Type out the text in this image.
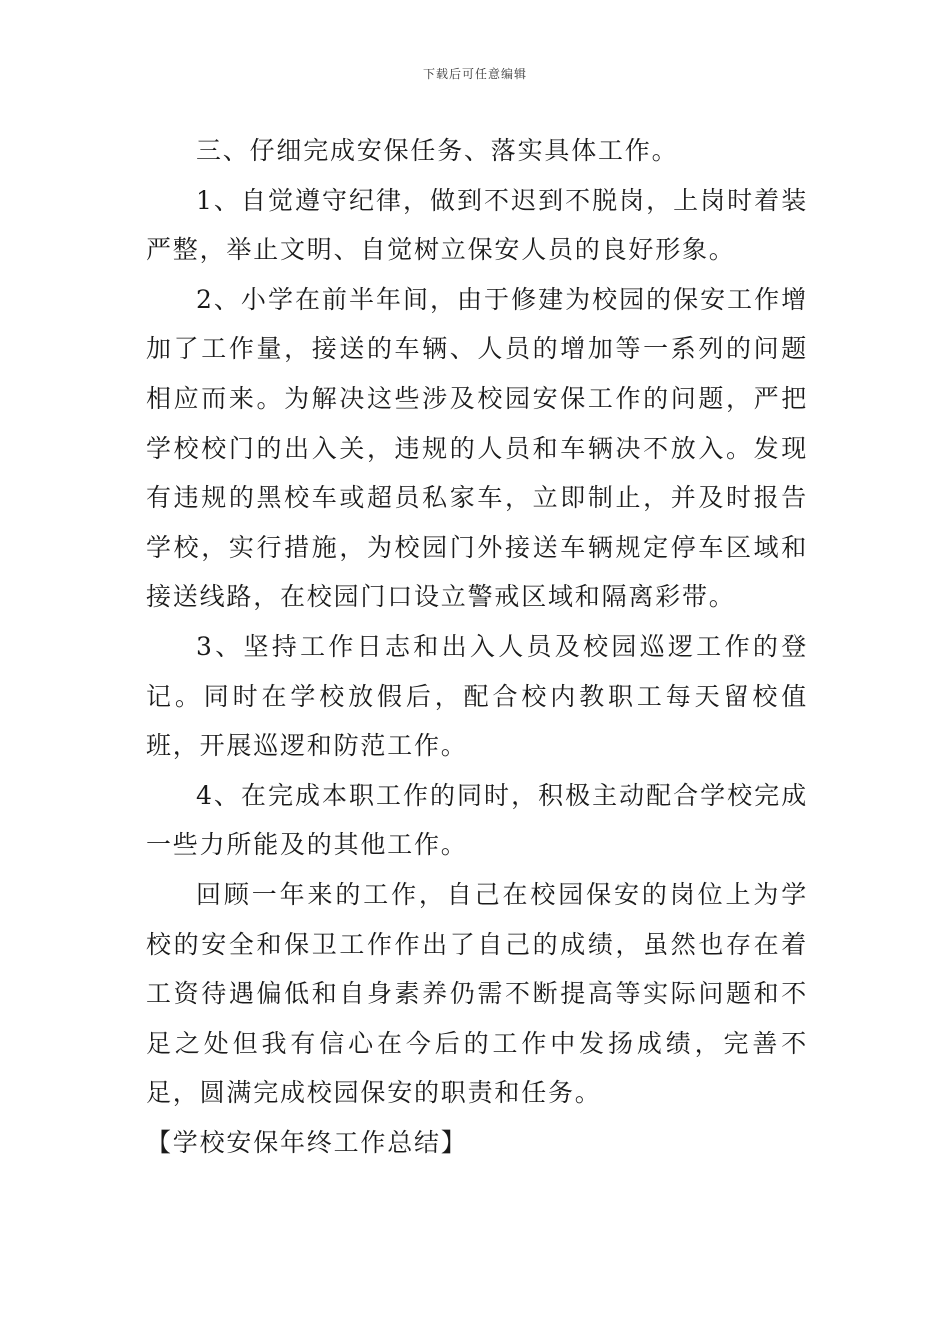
下载后可任意编辑

三、仔细完成安保任务、落实具体工作。

1、自觉遵守纪律，做到不迟到不脱岗，上岗时着装严整，举止文明、自觉树立保安人员的良好形象。

2、小学在前半年间，由于修建为校园的保安工作增加了工作量，接送的车辆、人员的增加等一系列的问题相应而来。为解决这些涉及校园安保工作的问题，严把学校校门的出入关，违规的人员和车辆决不放入。发现有违规的黑校车或超员私家车，立即制止，并及时报告学校，实行措施，为校园门外接送车辆规定停车区域和接送线路，在校园门口设立警戒区域和隔离彩带。

3、坚持工作日志和出入人员及校园巡逻工作的登记。同时在学校放假后，配合校内教职工每天留校值班，开展巡逻和防范工作。

4、在完成本职工作的同时，积极主动配合学校完成一些力所能及的其他工作。

回顾一年来的工作，自己在校园保安的岗位上为学校的安全和保卫工作作出了自己的成绩，虽然也存在着工资待遇偏低和自身素养仍需不断提高等实际问题和不足之处但我有信心在今后的工作中发扬成绩，完善不足，圆满完成校园保安的职责和任务。

【学校安保年终工作总结】
